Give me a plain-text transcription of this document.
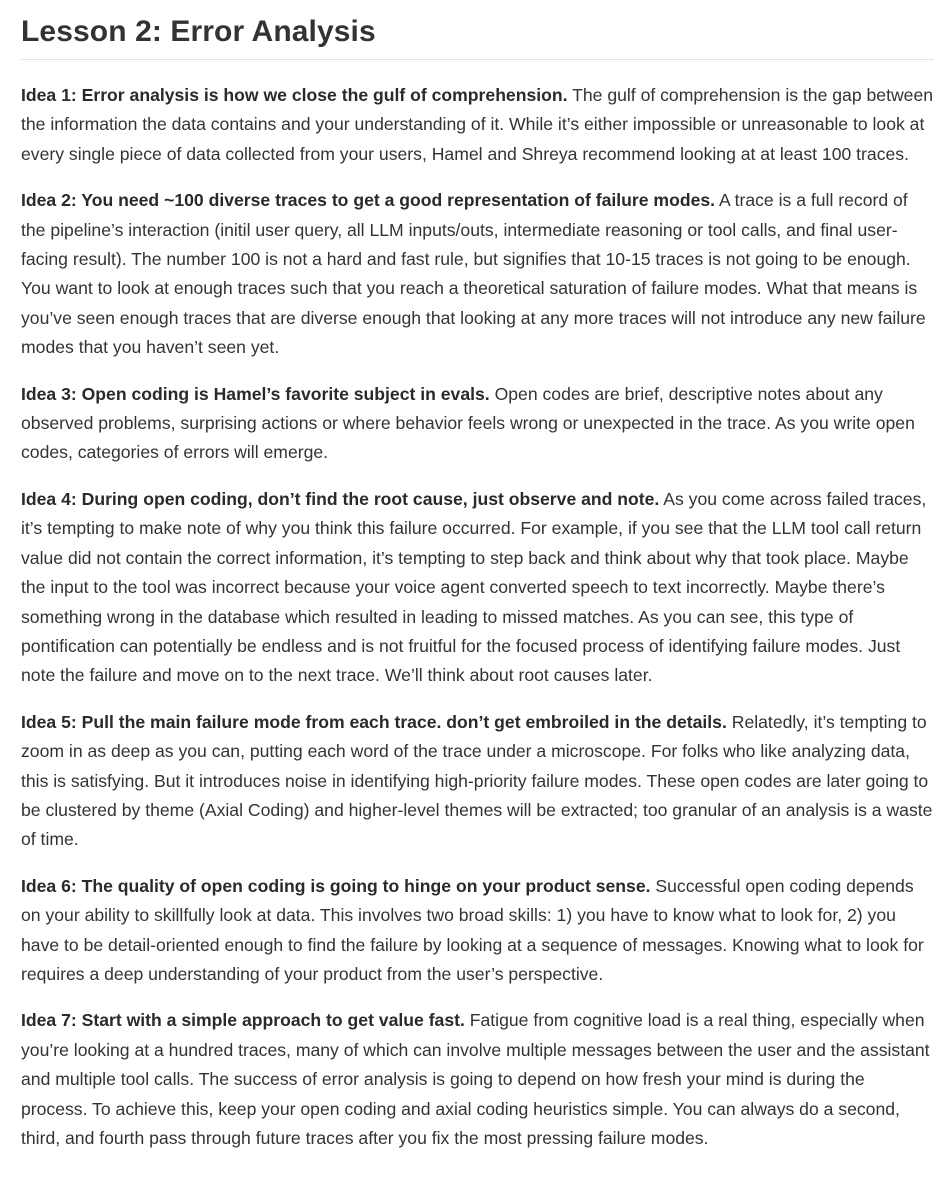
Lesson 2: Error Analysis

Idea 1: Error analysis is how we close the gulf of comprehension. The gulf of comprehension is the gap between the information the data contains and your understanding of it. While it’s either impossible or unreasonable to look at every single piece of data collected from your users, Hamel and Shreya recommend looking at at least 100 traces.

Idea 2: You need ~100 diverse traces to get a good representation of failure modes. A trace is a full record of the pipeline’s interaction (initil user query, all LLM inputs/outs, intermediate reasoning or tool calls, and final user-facing result). The number 100 is not a hard and fast rule, but signifies that 10-15 traces is not going to be enough. You want to look at enough traces such that you reach a theoretical saturation of failure modes. What that means is you’ve seen enough traces that are diverse enough that looking at any more traces will not introduce any new failure modes that you haven’t seen yet.

Idea 3: Open coding is Hamel’s favorite subject in evals. Open codes are brief, descriptive notes about any observed problems, surprising actions or where behavior feels wrong or unexpected in the trace. As you write open codes, categories of errors will emerge.

Idea 4: During open coding, don’t find the root cause, just observe and note. As you come across failed traces, it’s tempting to make note of why you think this failure occurred. For example, if you see that the LLM tool call return value did not contain the correct information, it’s tempting to step back and think about why that took place. Maybe the input to the tool was incorrect because your voice agent converted speech to text incorrectly. Maybe there’s something wrong in the database which resulted in leading to missed matches. As you can see, this type of pontification can potentially be endless and is not fruitful for the focused process of identifying failure modes. Just note the failure and move on to the next trace. We’ll think about root causes later.

Idea 5: Pull the main failure mode from each trace. don’t get embroiled in the details. Relatedly, it’s tempting to zoom in as deep as you can, putting each word of the trace under a microscope. For folks who like analyzing data, this is satisfying. But it introduces noise in identifying high-priority failure modes. These open codes are later going to be clustered by theme (Axial Coding) and higher-level themes will be extracted; too granular of an analysis is a waste of time.

Idea 6: The quality of open coding is going to hinge on your product sense. Successful open coding depends on your ability to skillfully look at data. This involves two broad skills: 1) you have to know what to look for, 2) you have to be detail-oriented enough to find the failure by looking at a sequence of messages. Knowing what to look for requires a deep understanding of your product from the user’s perspective.

Idea 7: Start with a simple approach to get value fast. Fatigue from cognitive load is a real thing, especially when you’re looking at a hundred traces, many of which can involve multiple messages between the user and the assistant and multiple tool calls. The success of error analysis is going to depend on how fresh your mind is during the process. To achieve this, keep your open coding and axial coding heuristics simple. You can always do a second, third, and fourth pass through future traces after you fix the most pressing failure modes.
